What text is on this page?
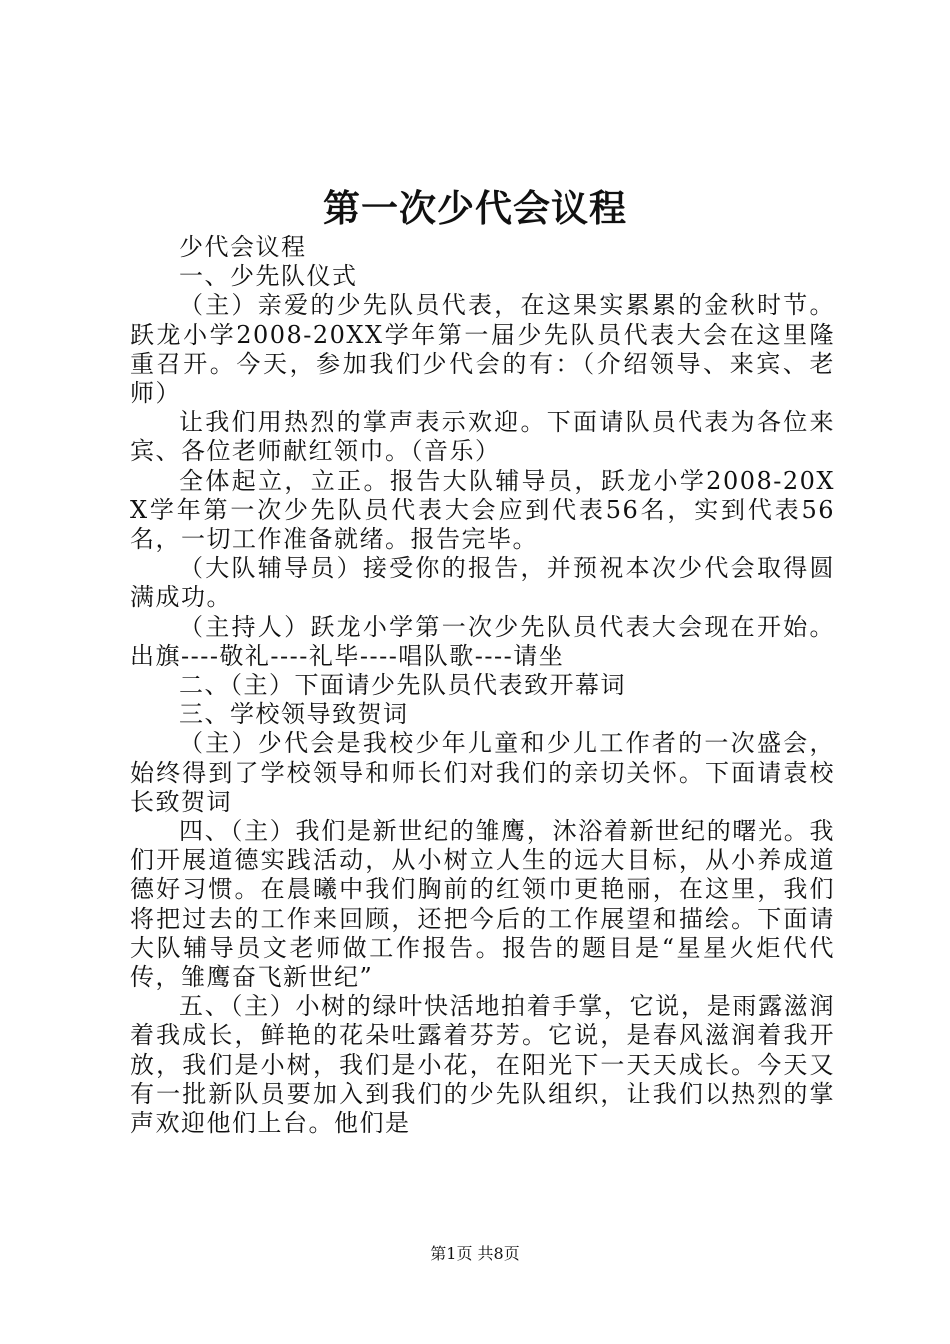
第一次少代会议程

少代会议程

一、少先队仪式

（主）亲爱的少先队员代表，在这果实累累的金秋时节。跃龙小学2008-20XX学年第一届少先队员代表大会在这里隆重召开。今天，参加我们少代会的有：（介绍领导、来宾、老师）

让我们用热烈的掌声表示欢迎。下面请队员代表为各位来宾、各位老师献红领巾。（音乐）

全体起立，立正。报告大队辅导员，跃龙小学2008-20XX学年第一次少先队员代表大会应到代表56名，实到代表56名，一切工作准备就绪。报告完毕。

（大队辅导员）接受你的报告，并预祝本次少代会取得圆满成功。

（主持人）跃龙小学第一次少先队员代表大会现在开始。出旗----敬礼----礼毕----唱队歌----请坐

二、（主）下面请少先队员代表致开幕词

三、学校领导致贺词

（主）少代会是我校少年儿童和少儿工作者的一次盛会，始终得到了学校领导和师长们对我们的亲切关怀。下面请袁校长致贺词

四、（主）我们是新世纪的雏鹰，沐浴着新世纪的曙光。我们开展道德实践活动，从小树立人生的远大目标，从小养成道德好习惯。在晨曦中我们胸前的红领巾更艳丽，在这里，我们将把过去的工作来回顾，还把今后的工作展望和描绘。下面请大队辅导员文老师做工作报告。报告的题目是“星星火炬代代传，雏鹰奋飞新世纪”

五、（主）小树的绿叶快活地拍着手掌，它说，是雨露滋润着我成长，鲜艳的花朵吐露着芬芳。它说，是春风滋润着我开放，我们是小树，我们是小花，在阳光下一天天成长。今天又有一批新队员要加入到我们的少先队组织，让我们以热烈的掌声欢迎他们上台。他们是

第1页 共8页
